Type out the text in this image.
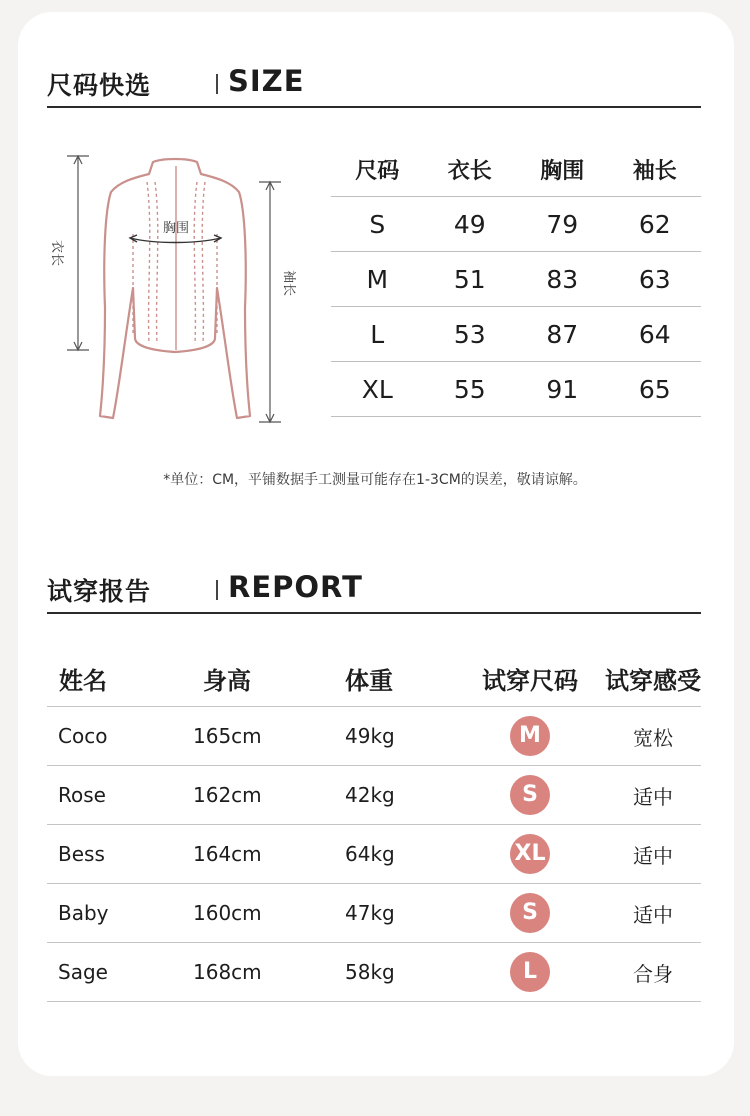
尺码快选	SIZE
胸围
衣长
袖长
尺码	衣长	胸围	袖长
S	49	79	62
M	51	83	63
L	53	87	64
XL	55	91	65
*单位：CM，平铺数据手工测量可能存在1-3CM的误差，敬请谅解。
试穿报告	REPORT
姓名	身高	体重	试穿尺码	试穿感受
Coco	165cm	49kg	M	宽松
Rose	162cm	42kg	S	适中
Bess	164cm	64kg	XL	适中
Baby	160cm	47kg	S	适中
Sage	168cm	58kg	L	合身
